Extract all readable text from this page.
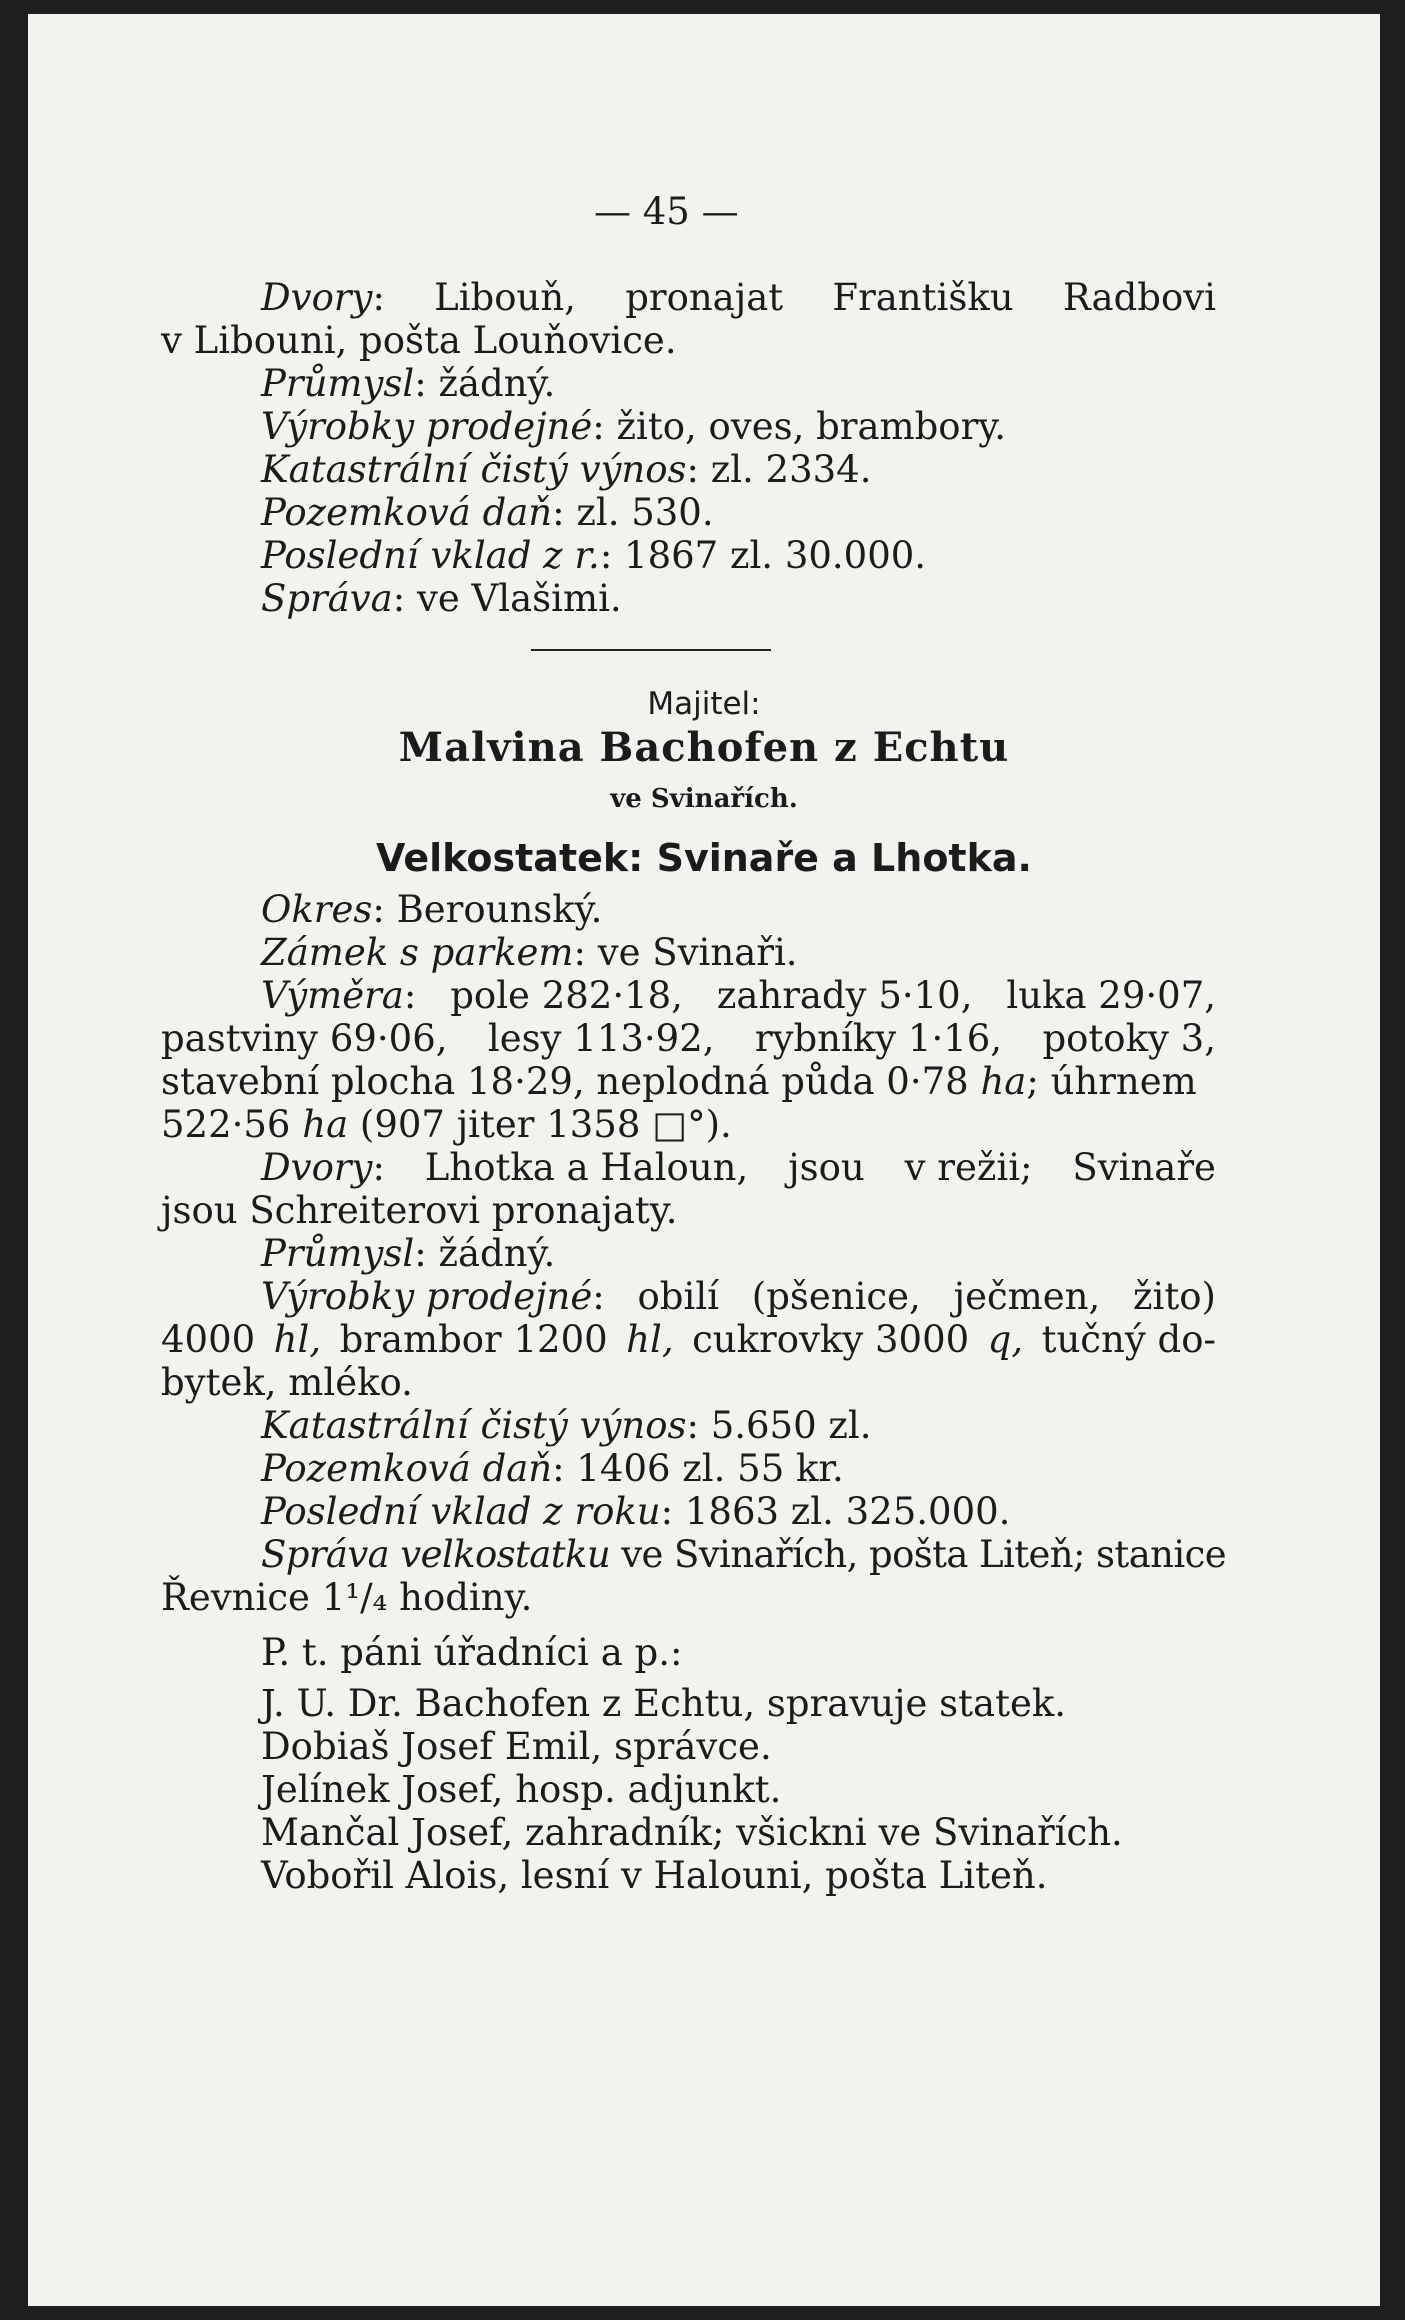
— 45 —
Dvory: Libouň, pronajat Františku Radbovi
v Libouni, pošta Louňovice.
Průmysl: žádný.
Výrobky prodejné: žito, oves, brambory.
Katastrální čistý výnos: zl. 2334.
Pozemková daň: zl. 530.
Poslední vklad z r.: 1867 zl. 30.000.
Správa: ve Vlašimi.
Majitel:
Malvina Bachofen z Echtu
ve Svinařích.
Velkostatek: Svinaře a Lhotka.
Okres: Berounský.
Zámek s parkem: ve Svinaři.
Výměra: pole 282·18, zahrady 5·10, luka 29·07,
pastviny 69·06, lesy 113·92, rybníky 1·16, potoky 3,
stavební plocha 18·29, neplodná půda 0·78 ha; úhrnem
522·56 ha (907 jiter 1358 □°).
Dvory: Lhotka a Haloun, jsou v režii; Svinaře
jsou Schreiterovi pronajaty.
Průmysl: žádný.
Výrobky prodejné: obilí (pšenice, ječmen, žito)
4000 hl, brambor 1200 hl, cukrovky 3000 q, tučný do-
bytek, mléko.
Katastrální čistý výnos: 5.650 zl.
Pozemková daň: 1406 zl. 55 kr.
Poslední vklad z roku: 1863 zl. 325.000.
Správa velkostatku ve Svinařích, pošta Liteň; stanice
Řevnice 1¹/₄ hodiny.
P. t. páni úřadníci a p.:
J. U. Dr. Bachofen z Echtu, spravuje statek.
Dobiaš Josef Emil, správce.
Jelínek Josef, hosp. adjunkt.
Mančal Josef, zahradník; všickni ve Svinařích.
Vobořil Alois, lesní v Halouni, pošta Liteň.
